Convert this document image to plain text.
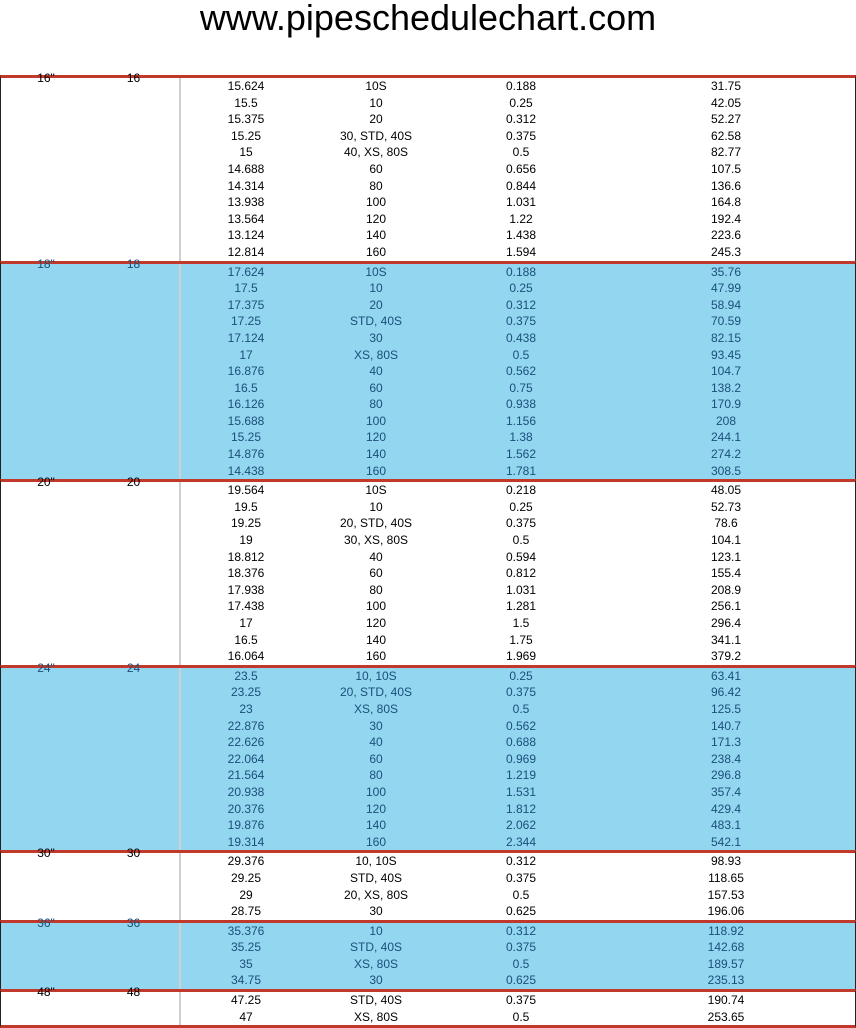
www.pipeschedulechart.com
16"	16
15.624	10S	0.188	31.75
15.5	10	0.25	42.05
15.375	20	0.312	52.27
15.25	30, STD, 40S	0.375	62.58
15	40, XS, 80S	0.5	82.77
14.688	60	0.656	107.5
14.314	80	0.844	136.6
13.938	100	1.031	164.8
13.564	120	1.22	192.4
13.124	140	1.438	223.6
12.814	160	1.594	245.3
18"	18
17.624	10S	0.188	35.76
17.5	10	0.25	47.99
17.375	20	0.312	58.94
17.25	STD, 40S	0.375	70.59
17.124	30	0.438	82.15
17	XS, 80S	0.5	93.45
16.876	40	0.562	104.7
16.5	60	0.75	138.2
16.126	80	0.938	170.9
15.688	100	1.156	208
15.25	120	1.38	244.1
14.876	140	1.562	274.2
14.438	160	1.781	308.5
20"	20
19.564	10S	0.218	48.05
19.5	10	0.25	52.73
19.25	20, STD, 40S	0.375	78.6
19	30, XS, 80S	0.5	104.1
18.812	40	0.594	123.1
18.376	60	0.812	155.4
17.938	80	1.031	208.9
17.438	100	1.281	256.1
17	120	1.5	296.4
16.5	140	1.75	341.1
16.064	160	1.969	379.2
24"	24
23.5	10, 10S	0.25	63.41
23.25	20, STD, 40S	0.375	96.42
23	XS, 80S	0.5	125.5
22.876	30	0.562	140.7
22.626	40	0.688	171.3
22.064	60	0.969	238.4
21.564	80	1.219	296.8
20.938	100	1.531	357.4
20.376	120	1.812	429.4
19.876	140	2.062	483.1
19.314	160	2.344	542.1
30"	30
29.376	10, 10S	0.312	98.93
29.25	STD, 40S	0.375	118.65
29	20, XS, 80S	0.5	157.53
28.75	30	0.625	196.06
36"	36
35.376	10	0.312	118.92
35.25	STD, 40S	0.375	142.68
35	XS, 80S	0.5	189.57
34.75	30	0.625	235.13
48"	48
47.25	STD, 40S	0.375	190.74
47	XS, 80S	0.5	253.65
